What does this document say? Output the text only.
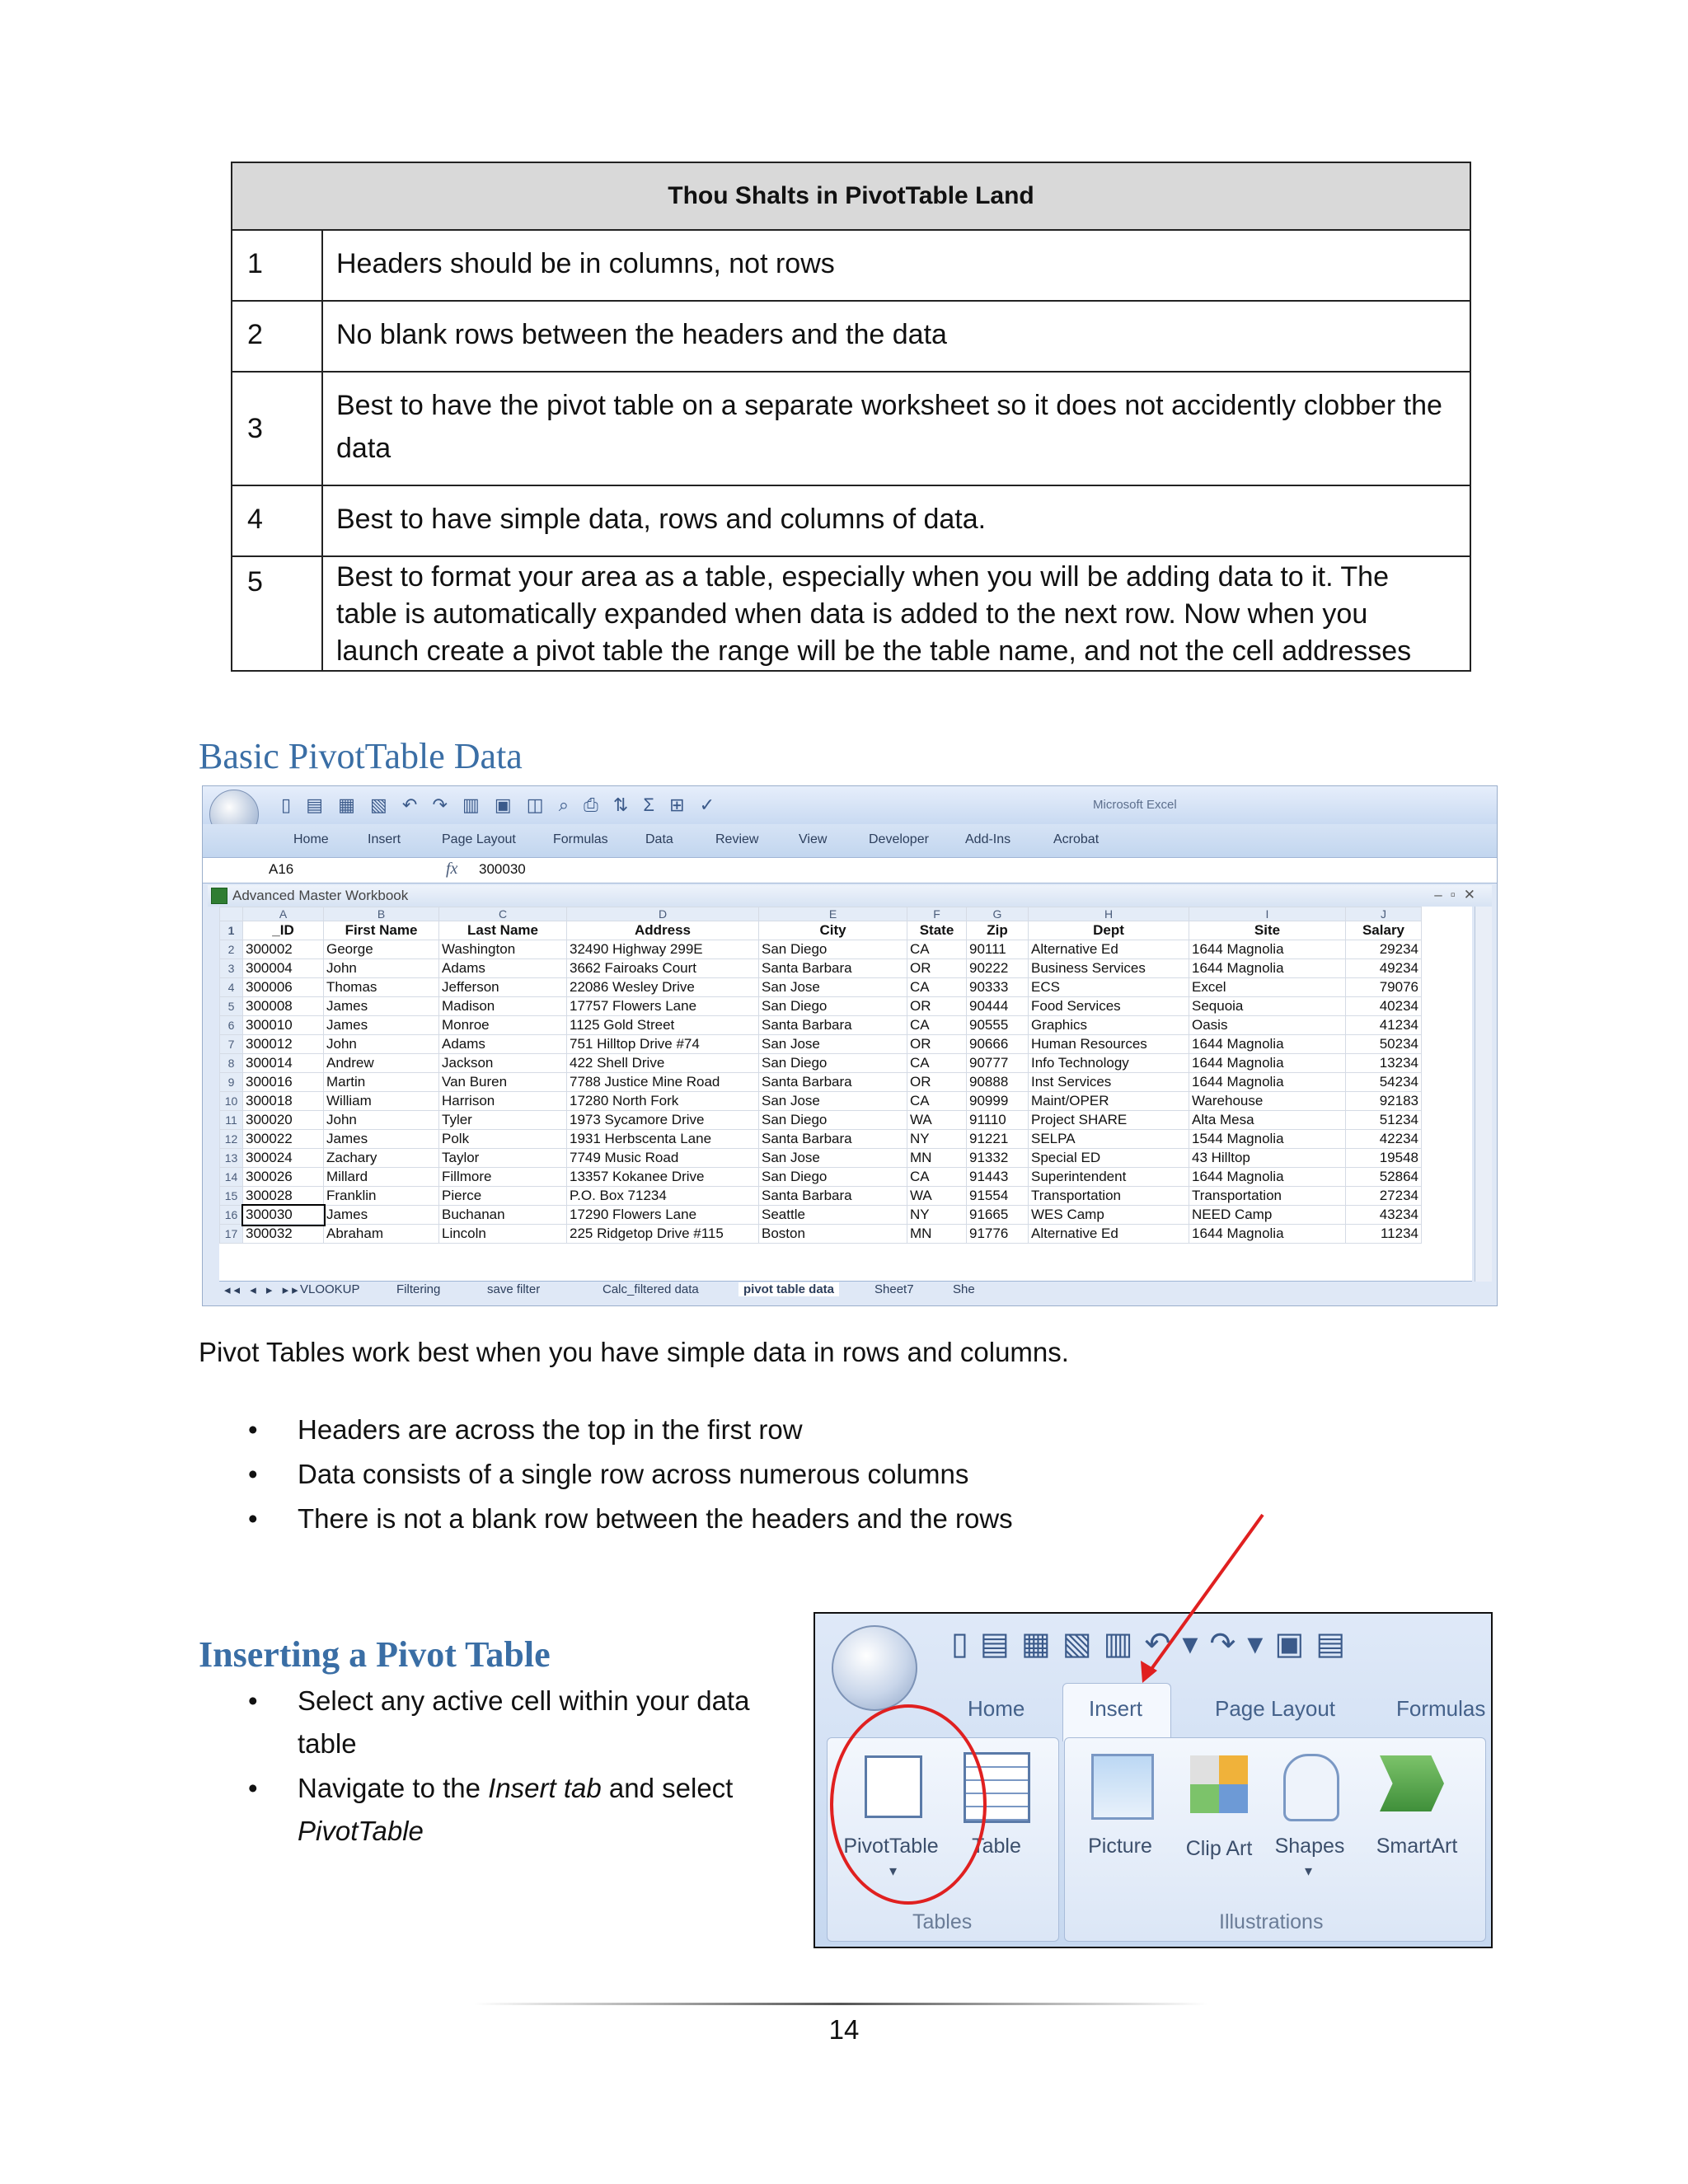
Thou Shalts in PivotTable Land	
1	Headers should be in columns, not rows
2	No blank rows between the headers and the data
3	Best to have the pivot table on a separate worksheet so it does not accidently clobber the data
4	Best to have simple data, rows and columns of data.
5	Best to format your area as a table, especially when you will be adding data to it. The table is automatically expanded when data is added to the next row. Now when you launch create a pivot table the range will be the table name, and not the cell addresses
Basic PivotTable Data
▯ ▤ ▦ ▧ ↶ ↷ ▥ ▣ ◫ ⌕ ⎙ ⇅ Σ ⊞ ✓	Microsoft Excel
Home	Insert	Page Layout	Formulas	Data	Review	View	Developer	Add-Ins	Acrobat
A16	fx 300030
Advanced Master Workbook	–▫✕
	A	B	C	D	E	F	G	H	I	J
1	_ID	First Name	Last Name	Address	City	State	Zip	Dept	Site	Salary
2	300002	George	Washington	32490 Highway 299E	San Diego	CA	90111	Alternative Ed	1644 Magnolia	29234
3	300004	John	Adams	3662 Fairoaks Court	Santa Barbara	OR	90222	Business Services	1644 Magnolia	49234
4	300006	Thomas	Jefferson	22086 Wesley Drive	San Jose	CA	90333	ECS	Excel	79076
5	300008	James	Madison	17757 Flowers Lane	San Diego	OR	90444	Food Services	Sequoia	40234
6	300010	James	Monroe	1125 Gold Street	Santa Barbara	CA	90555	Graphics	Oasis	41234
7	300012	John	Adams	751 Hilltop Drive #74	San Jose	OR	90666	Human Resources	1644 Magnolia	50234
8	300014	Andrew	Jackson	422 Shell Drive	San Diego	CA	90777	Info Technology	1644 Magnolia	13234
9	300016	Martin	Van Buren	7788 Justice Mine Road	Santa Barbara	OR	90888	Inst Services	1644 Magnolia	54234
10	300018	William	Harrison	17280 North Fork	San Jose	CA	90999	Maint/OPER	Warehouse	92183
11	300020	John	Tyler	1973 Sycamore Drive	San Diego	WA	91110	Project SHARE	Alta Mesa	51234
12	300022	James	Polk	1931 Herbscenta Lane	Santa Barbara	NY	91221	SELPA	1544 Magnolia	42234
13	300024	Zachary	Taylor	7749 Music Road	San Jose	MN	91332	Special ED	43 Hilltop	19548
14	300026	Millard	Fillmore	13357 Kokanee Drive	San Diego	CA	91443	Superintendent	1644 Magnolia	52864
15	300028	Franklin	Pierce	P.O. Box 71234	Santa Barbara	WA	91554	Transportation	Transportation	27234
16	300030	James	Buchanan	17290 Flowers Lane	Seattle	NY	91665	WES Camp	NEED Camp	43234
17	300032	Abraham	Lincoln	225 Ridgetop Drive #115	Boston	MN	91776	Alternative Ed	1644 Magnolia	11234
◂◂ ◂ ▸ ▸▸
VLOOKUP	Filtering	save filter	Calc_filtered data	pivot table data	Sheet7	She
Pivot Tables work best when you have simple data in rows and columns.
• Headers are across the top in the first row
• Data consists of a single row across numerous columns
• There is not a blank row between the headers and the rows
Inserting a Pivot Table
• Select any active cell within your data table
• Navigate to the Insert tab and select
PivotTable
▯▤▦▧▥↶▾↷▾▣▤
Home	Insert	Page Layout	Formulas
PivotTable
▾
Table	Picture	Clip Art	Shapes
▾
SmartArt
Tables	Illustrations
14
